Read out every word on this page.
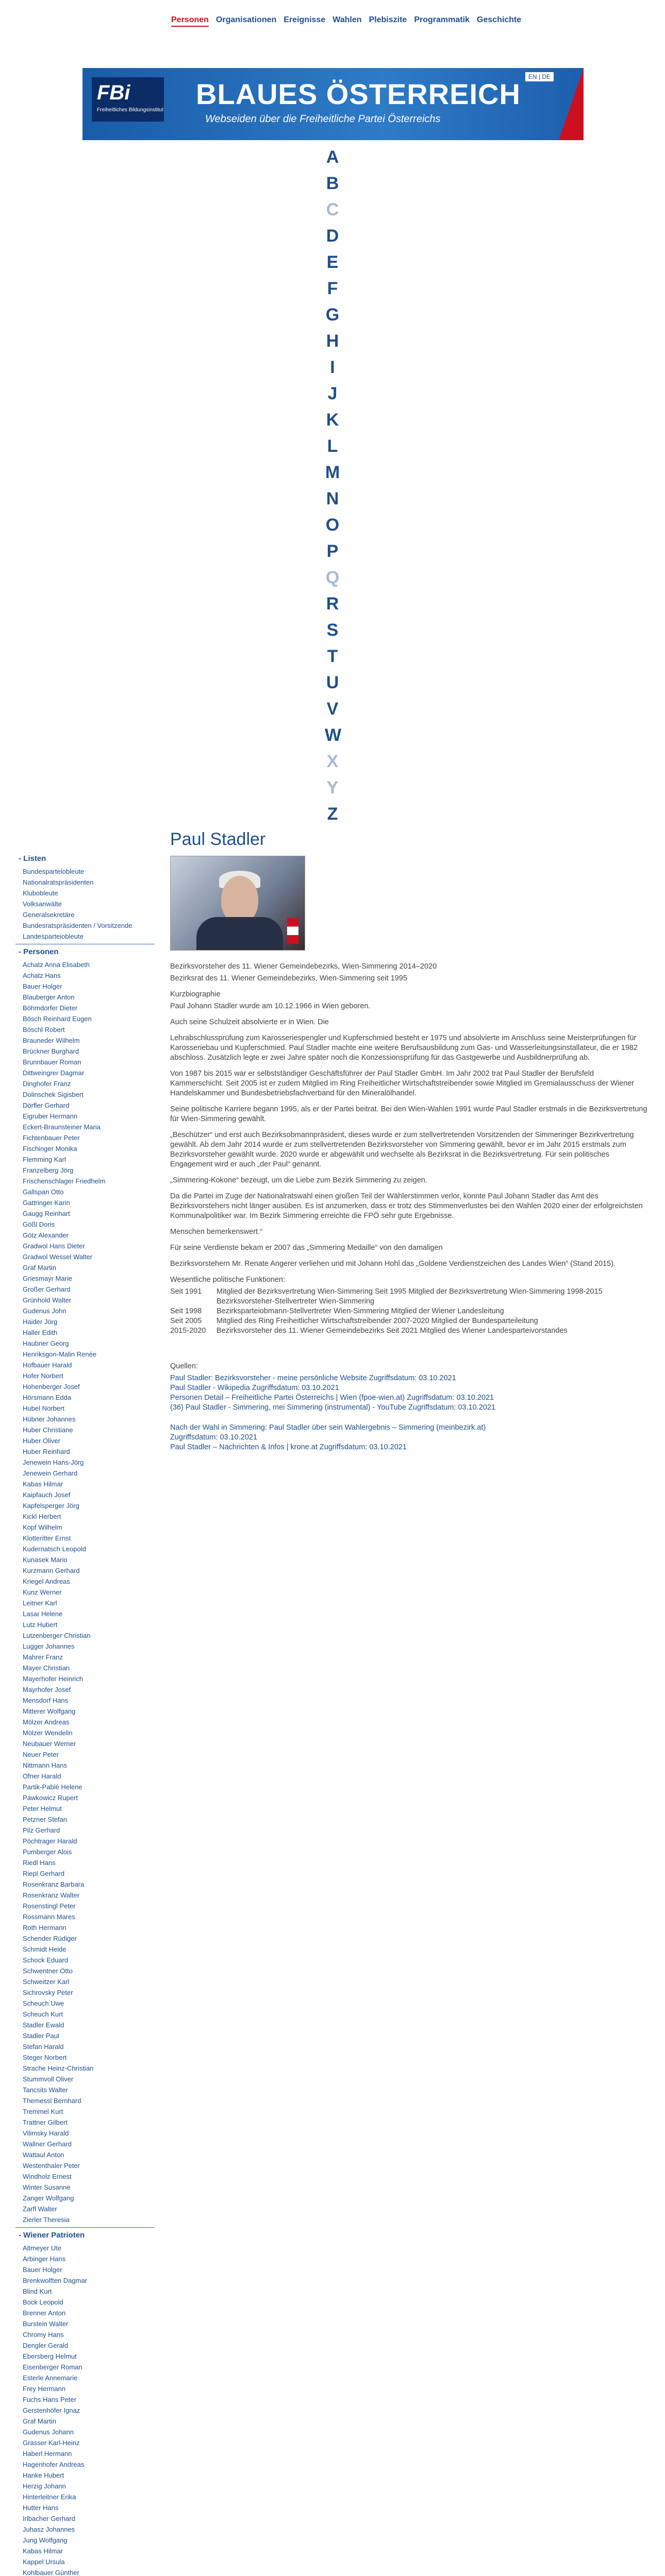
Personen Organisationen Ereignisse Wahlen Plebiszite Programmatik Geschichte
FBi
Freiheitliches Bildungsinstitut BLAUES ÖSTERREICH
Webseiden über die Freiheitliche Partei Österreichs
EN | DE
A
B
C
D
E
F
G
H
I
J
K
L
M
N
O
P
Q
R
S
T
U
V
W
X
Y
Z
- Listen
Bundesparteiobleute
Nationalratspräsidenten
Klubobleute
Volksanwälte
Generalsekretäre
Bundesratspräsidenten / Vorsitzende
Landesparteiobleute
- Personen
Achatz Anna Elisabeth
Achatz Hans
Bauer Holger
Blauberger Anton
Böhmdorfer Dieter
Bösch Reinhard Eugen
Böschl Robert
Brauneder Wilhelm
Brückner Burghard
Brunnbauer Roman
Dittweingrer Dagmar
Dinghofer Franz
Dolinschek Sigisbert
Dörfler Gerhard
Eigruber Hermann
Eckert-Braunsteiner Maria
Fichtenbauer Peter
Fischinger Monika
Flemming Karl
Franzelberg Jörg
Frischenschlager Friedhelm
Gallspan Otto
Gattringer Karin
Gaugg Reinhart
Gößl Doris
Götz Alexander
Gradwol Hans Dieter
Gradwol Wessel Walter
Graf Martin
Griesmayr Marie
Großer Gerhard
Grünhold Walter
Gudenus John
Haider Jörg
Haller Edith
Haubner Georg
Henriksgon-Malin Renée
Hofbauer Harald
Hofer Norbert
Hohenberger Josef
Hörsmann Edda
Hubel Norbert
Hübner Johannes
Huber Christiane
Huber Oliver
Huber Reinhard
Jenewein Hans-Jörg
Jenewein Gerhard
Kabas Hilmar
Kaipfauch Josef
Kapfelsperger Jörg
Kickl Herbert
Kopf Wilhelm
Klotteritter Ernst
Kudernatsch Leopold
Kunasek Mario
Kurzmann Gerhard
Kriegel Andreas
Kunz Werner
Leitner Karl
Lasar Helene
Lutz Hubert
Lutzenberger Christian
Lugger Johannes
Mahrer Franz
Mayer Christian
Mayerhofer Heinrich
Mayrhofer Josef
Mensdorf Hans
Mitterer Wolfgang
Mölzer Andreas
Mölzer Wendelin
Neubauer Werner
Neuer Peter
Nittmann Hans
Ofner Harald
Partik-Pablé Helene
Pawkowicz Rupert
Peter Helmut
Petzner Stefan
Pilz Gerhard
Pöchtrager Harald
Pumberger Alois
Riedl Hans
Riepl Gerhard
Rosenkranz Barbara
Rosenkranz Walter
Rosenstingl Peter
Rossmann Mares
Roth Hermann
Schender Rüdiger
Schmidt Heide
Schock Eduard
Schwentner Otto
Schweitzer Karl
Sichrovsky Peter
Scheuch Uwe
Scheuch Kurt
Stadler Ewald
Stadler Paul
Stefan Harald
Steger Norbert
Strache Heinz-Christian
Stummvoll Oliver
Tancsits Walter
Themessl Bernhard
Tremmel Kurt
Trattner Gilbert
Vilimsky Harald
Wallner Gerhard
Wattaul Anton
Westenthaler Peter
Windholz Ernest
Winter Susanne
Zanger Wolfgang
Zarfl Walter
Zierler Theresia
- Wiener Patrioten
Altmeyer Ute
Arbinger Hans
Bauer Holger
Brenkwolften Dagmar
Blind Kurt
Bock Leopold
Brenner Anton
Burstein Walter
Chromy Hans
Dengler Gerald
Ebersberg Helmut
Eisenberger Roman
Esterle Annemarie
Frey Hermann
Fuchs Hans Peter
Gerstenhöfer Ignaz
Graf Martin
Gudenus Johann
Grasser Karl-Heinz
Haberl Hermann
Hagenhofer Andreas
Hanke Hubert
Herzig Johann
Hinterleitner Erika
Hutter Hans
Irlbacher Gerhard
Juhasz Johannes
Jung Wolfgang
Kabas Hilmar
Kappel Ursula
Kohlbauer Günther
Paul Stadler

Bezirksvorsteher des 11. Wiener Gemeindebezirks, Wien-Simmering 2014–2020

Bezirksrat des 11. Wiener Gemeindebezirks, Wien-Simmering seit 1995

Kurzbiographie

Paul Johann Stadler wurde am 10.12.1966 in Wien geboren.

Auch seine Schulzeit absolvierte er in Wien. Die

Lehrabschlussprüfung zum Karosseriespengler und Kupferschmied besteht er 1975 und absolvierte im Anschluss seine Meisterprüfungen für Karosseriebau und Kupferschmied. Paul Stadler machte eine weitere Berufsausbildung zum Gas- und Wasserleitungsinstallateur, die er 1982 abschloss. Zusätzlich legte er zwei Jahre später noch die Konzessionsprüfung für das Gastgewerbe und Ausbildnerprüfung ab.

Von 1987 bis 2015 war er selbstständiger Geschäftsführer der Paul Stadler GmbH. Im Jahr 2002 trat Paul Stadler der Berufsfeld Kammerschicht. Seit 2005 ist er zudem Mitglied im Ring Freiheitlicher Wirtschaftstreibender sowie Mitglied im Gremialausschuss der Wiener Handelskammer und Bundesbetriebsfachverband für den Mineralölhandel.

Seine politische Karriere begann 1995, als er der Partei beitrat. Bei den Wien-Wahlen 1991 wurde Paul Stadler erstmals in die Bezirksvertretung für Wien-Simmering gewählt.

„Beschützer“ und erst auch Bezirksobmannpräsident, dieses wurde er zum stellvertretenden Vorsitzenden der Simmeringer Bezirkvertretung gewählt. Ab dem Jahr 2014 wurde er zum stellvertretenden Bezirksvorsteher von Simmering gewählt, bevor er im Jahr 2015 erstmals zum Bezirksvorsteher gewählt wurde. 2020 wurde er abgewählt und wechselte als Bezirksrat in die Bezirksvertretung. Für sein politisches Engagement wird er auch „der Paul“ genannt.

„Simmering-Kokone“ bezeugt, um die Liebe zum Bezirk Simmering zu zeigen.

Da die Partei im Zuge der Nationalratswahl einen großen Teil der Wählerstimmen verlor, konnte Paul Johann Stadler das Amt des Bezirksvorstehers nicht länger ausüben. Es ist anzumerken, dass er trotz des Stimmenverlustes bei den Wahlen 2020 einer der erfolgreichsten Kommunalpolitiker war. Im Bezirk Simmering erreichte die FPÖ sehr gute Ergebnisse.

Menschen bemerkenswert.“

Für seine Verdienste bekam er 2007 das „Simmering Medaille“ von den damaligen

Bezirksvorstehern Mr. Renate Angerer verliehen und mit Johann Hohl das „Goldene Verdienstzeichen des Landes Wien“ (Stand 2015).

Wesentliche politische Funktionen:

Seit 1991	Mitglied der Bezirksvertretung Wien-Simmering Seit 1995 Mitglied der Bezirksvertretung Wien-Simmering 1998-2015 Bezirksvorsteher-Stellvertreter Wien-Simmering
Seit 1998	Bezirksparteiobmann-Stellvertreter Wien-Simmering Mitglied der Wiener Landesleitung
Seit 2005	Mitglied des Ring Freiheitlicher Wirtschaftstreibender 2007-2020 Mitglied der Bundesparteileitung
2015-2020	Bezirksvorsteher des 11. Wiener Gemeindebezirks Seit 2021 Mitglied des Wiener Landesparteivorstandes

Quellen:

Paul Stadler: Bezirksvorsteher - meine persönliche Website Zugriffsdatum: 03.10.2021
Paul Stadler - Wikipedia Zugriffsdatum: 03.10.2021
Personen Detail – Freiheitliche Partei Österreichs | Wien (fpoe-wien.at) Zugriffsdatum: 03.10.2021
(36) Paul Stadler - Simmering, mei Simmering (instrumental) - YouTube Zugriffsdatum: 03.10.2021
Nach der Wahl in Simmering: Paul Stadler über sein Wahlergebnis – Simmering (meinbezirk.at)
Zugriffsdatum: 03.10.2021
Paul Stadler – Nachrichten & Infos | krone.at Zugriffsdatum: 03.10.2021
